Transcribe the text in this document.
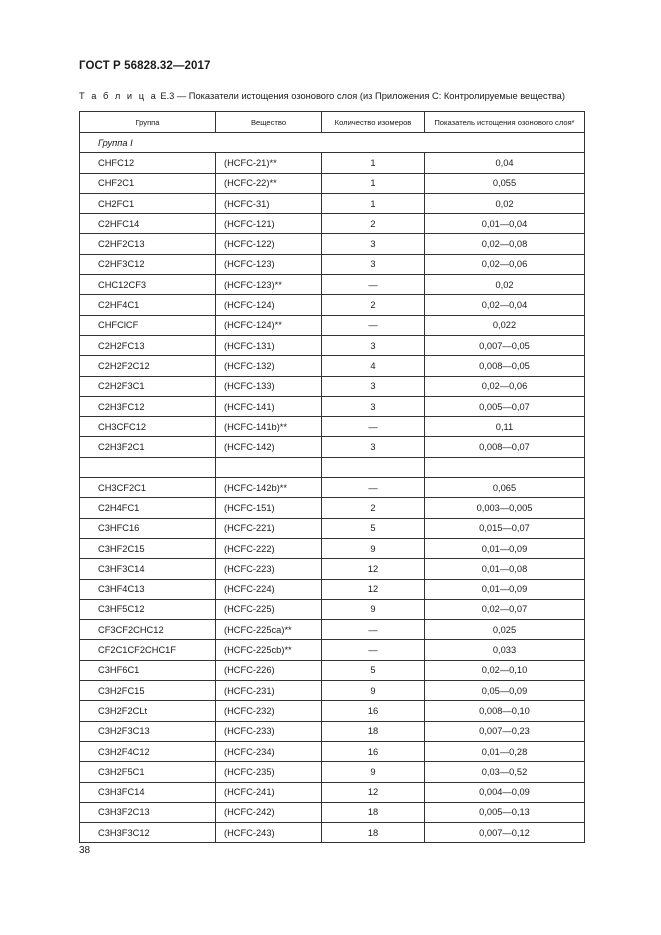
ГОСТ Р 56828.32—2017
Т а б л и ц а Е.3 — Показатели истощения озонового слоя (из Приложения С: Контролируемые вещества)
Группа	Вещество	Количество изомеров	Показатель истощения озонового слоя*
Группа I			
CHFC12	(HCFC-21)**	1	0,04
CHF2C1	(HCFC-22)**	1	0,055
CH2FC1	(HCFC-31)	1	0,02
C2HFC14	(HCFC-121)	2	0,01—0,04
C2HF2C13	(HCFC-122)	3	0,02—0,08
C2HF3C12	(HCFC-123)	3	0,02—0,06
CHC12CF3	(HCFC-123)**	—	0,02
C2HF4C1	(HCFC-124)	2	0,02—0,04
CHFClCF	(HCFC-124)**	—	0,022
C2H2FC13	(HCFC-131)	3	0,007—0,05
C2H2F2C12	(HCFC-132)	4	0,008—0,05
C2H2F3C1	(HCFC-133)	3	0,02—0,06
C2H3FC12	(HCFC-141)	3	0,005—0,07
CH3CFC12	(HCFC-141b)**	—	0,11
C2H3F2C1	(HCFC-142)	3	0,008—0,07

CH3CF2C1	(HCFC-142b)**	—	0,065
C2H4FC1	(HCFC-151)	2	0,003—0,005
C3HFC16	(HCFC-221)	5	0,015—0,07
C3HF2C15	(HCFC-222)	9	0,01—0,09
C3HF3C14	(HCFC-223)	12	0,01—0,08
C3HF4C13	(HCFC-224)	12	0,01—0,09
C3HF5C12	(HCFC-225)	9	0,02—0,07
CF3CF2CHC12	(HCFC-225ca)**	—	0,025
CF2C1CF2CHC1F	(HCFC-225cb)**	—	0,033
C3HF6C1	(HCFC-226)	5	0,02—0,10
C3H2FC15	(HCFC-231)	9	0,05—0,09
C3H2F2CLt	(HCFC-232)	16	0,008—0,10
C3H2F3C13	(HCFC-233)	18	0,007—0,23
C3H2F4C12	(HCFC-234)	16	0,01—0,28
C3H2F5C1	(HCFC-235)	9	0,03—0,52
C3H3FC14	(HCFC-241)	12	0,004—0,09
C3H3F2C13	(HCFC-242)	18	0,005—0,13
C3H3F3C12	(HCFC-243)	18	0,007—0,12
38
